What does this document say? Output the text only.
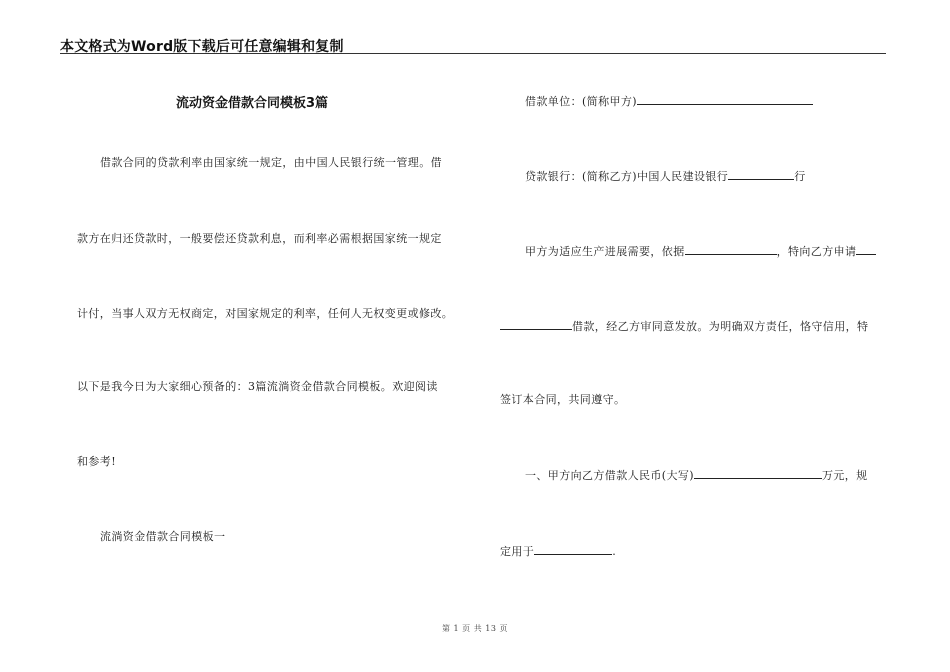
本文格式为Word版下载后可任意编辑和复制
流动资金借款合同模板3篇
借款合同的贷款利率由国家统一规定，由中国人民银行统一管理。借
款方在归还贷款时，一般要偿还贷款利息，而利率必需根据国家统一规定
计付，当事人双方无权商定，对国家规定的利率，任何人无权变更或修改。
以下是我今日为大家细心预备的：3篇流淌资金借款合同模板。欢迎阅读
和参考!
流淌资金借款合同模板一
借款单位：(简称甲方)
贷款银行：(简称乙方)中国人民建设银行	行
甲方为适应生产进展需要，依据	，特向乙方申请
借款，经乙方审同意发放。为明确双方责任，恪守信用，特
签订本合同，共同遵守。
一、甲方向乙方借款人民币(大写)	万元，规
定用于	.
第 1 页 共 13 页
